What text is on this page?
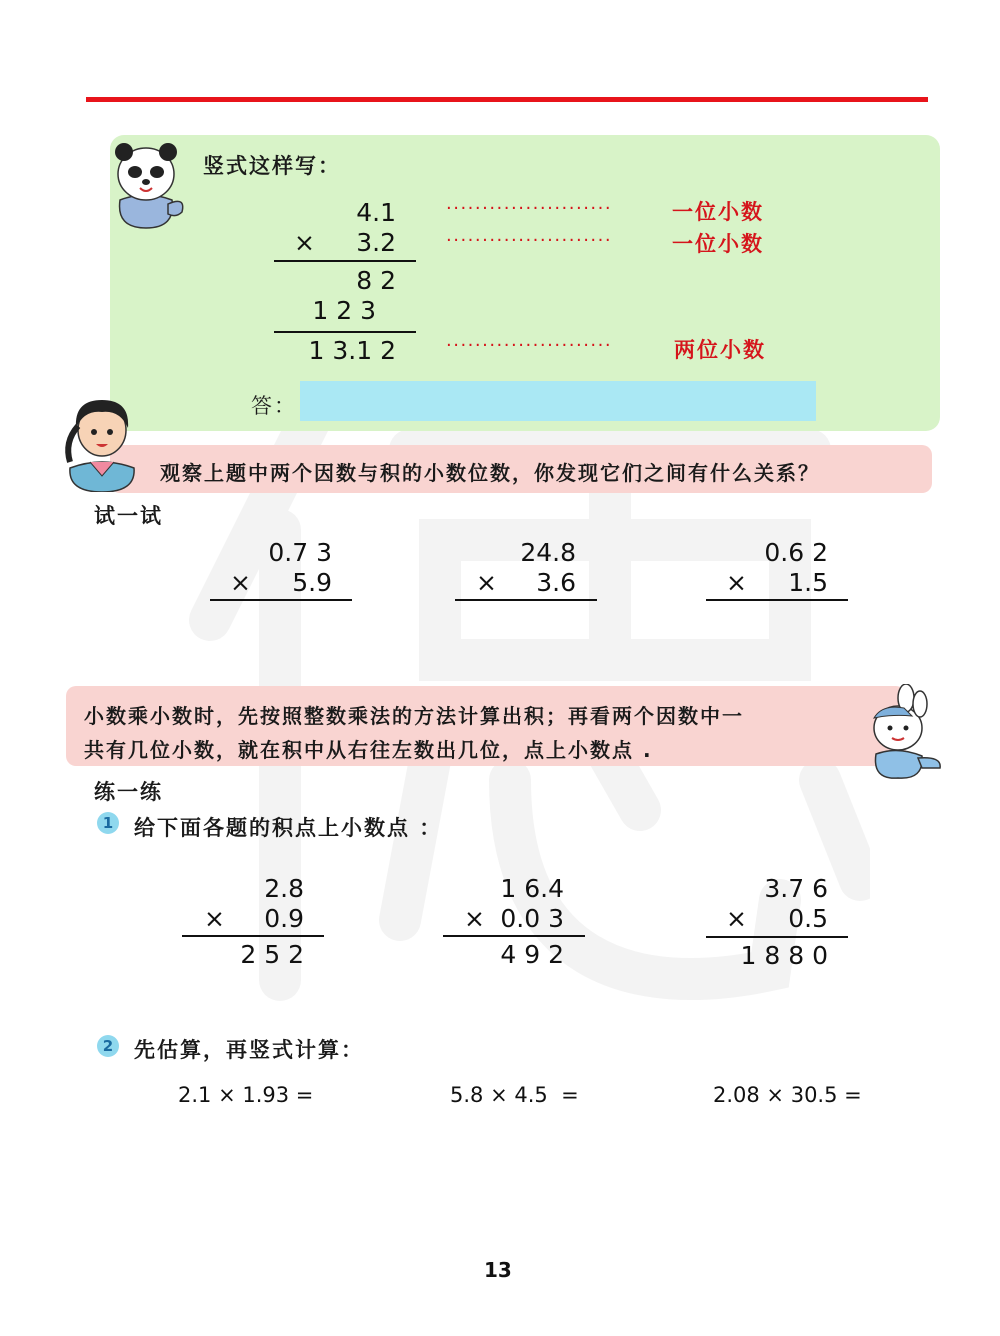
竖式这样写：
4.1
× 3.2
8 2
1 2 3
1 3.1 2
·······················	一位小数
·······················	一位小数
·······················	两位小数
答：
观察上题中两个因数与积的小数位数，你发现它们之间有什么关系？
试一试
0.7 3
×	5.9
24.8
×	3.6
0.6 2
×	1.5
小数乘小数时，先按照整数乘法的方法计算出积；再看两个因数中一
共有几位小数，就在积中从右往左数出几位，点上小数点 .
练一练
1 给下面各题的积点上小数点 ：
2.8
×	0.9
2 5 2
1 6.4
× 0.0 3
4 9 2
3.7 6
×	0.5
1 8 8 0
2 先估算，再竖式计算：
2.1 × 1.93 =	5.8 × 4.5  =	2.08 × 30.5 =
13
